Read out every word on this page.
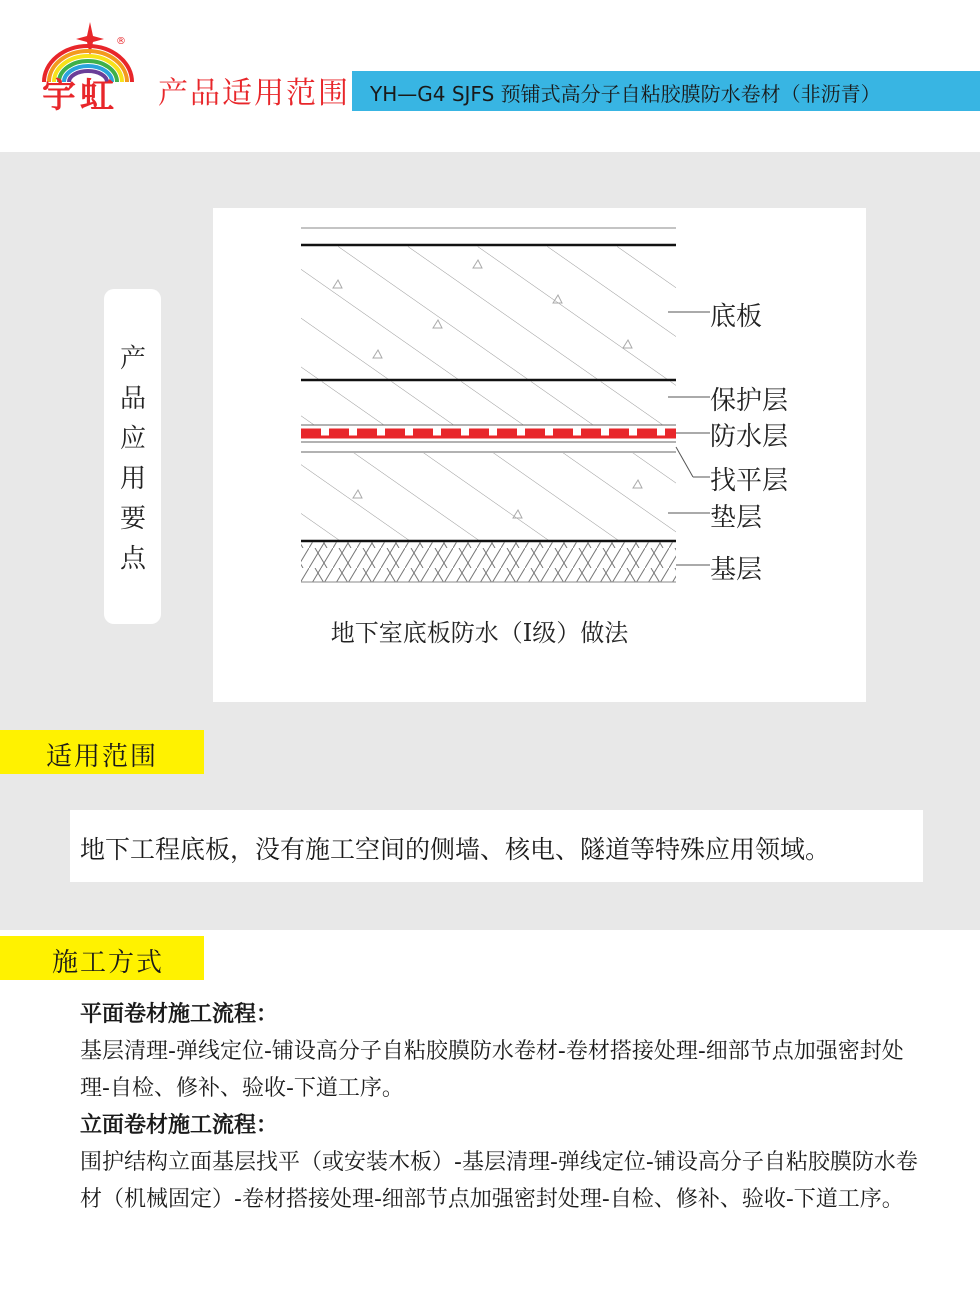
®
宇虹 产品适用范围 YH—G4 SJFS 预铺式高分子自粘胶膜防水卷材（非沥青）
产品应用要点
底板
保护层
防水层
找平层
垫层
基层
地下室底板防水（Ⅰ级）做法
适用范围
地下工程底板，没有施工空间的侧墙、核电、隧道等特殊应用领域。
施工方式

平面卷材施工流程：

基层清理-弹线定位-铺设高分子自粘胶膜防水卷材-卷材搭接处理-细部节点加强密封处理-自检、修补、验收-下道工序。

立面卷材施工流程：

围护结构立面基层找平（或安装木板）-基层清理-弹线定位-铺设高分子自粘胶膜防水卷材（机械固定）-卷材搭接处理-细部节点加强密封处理-自检、修补、验收-下道工序。
